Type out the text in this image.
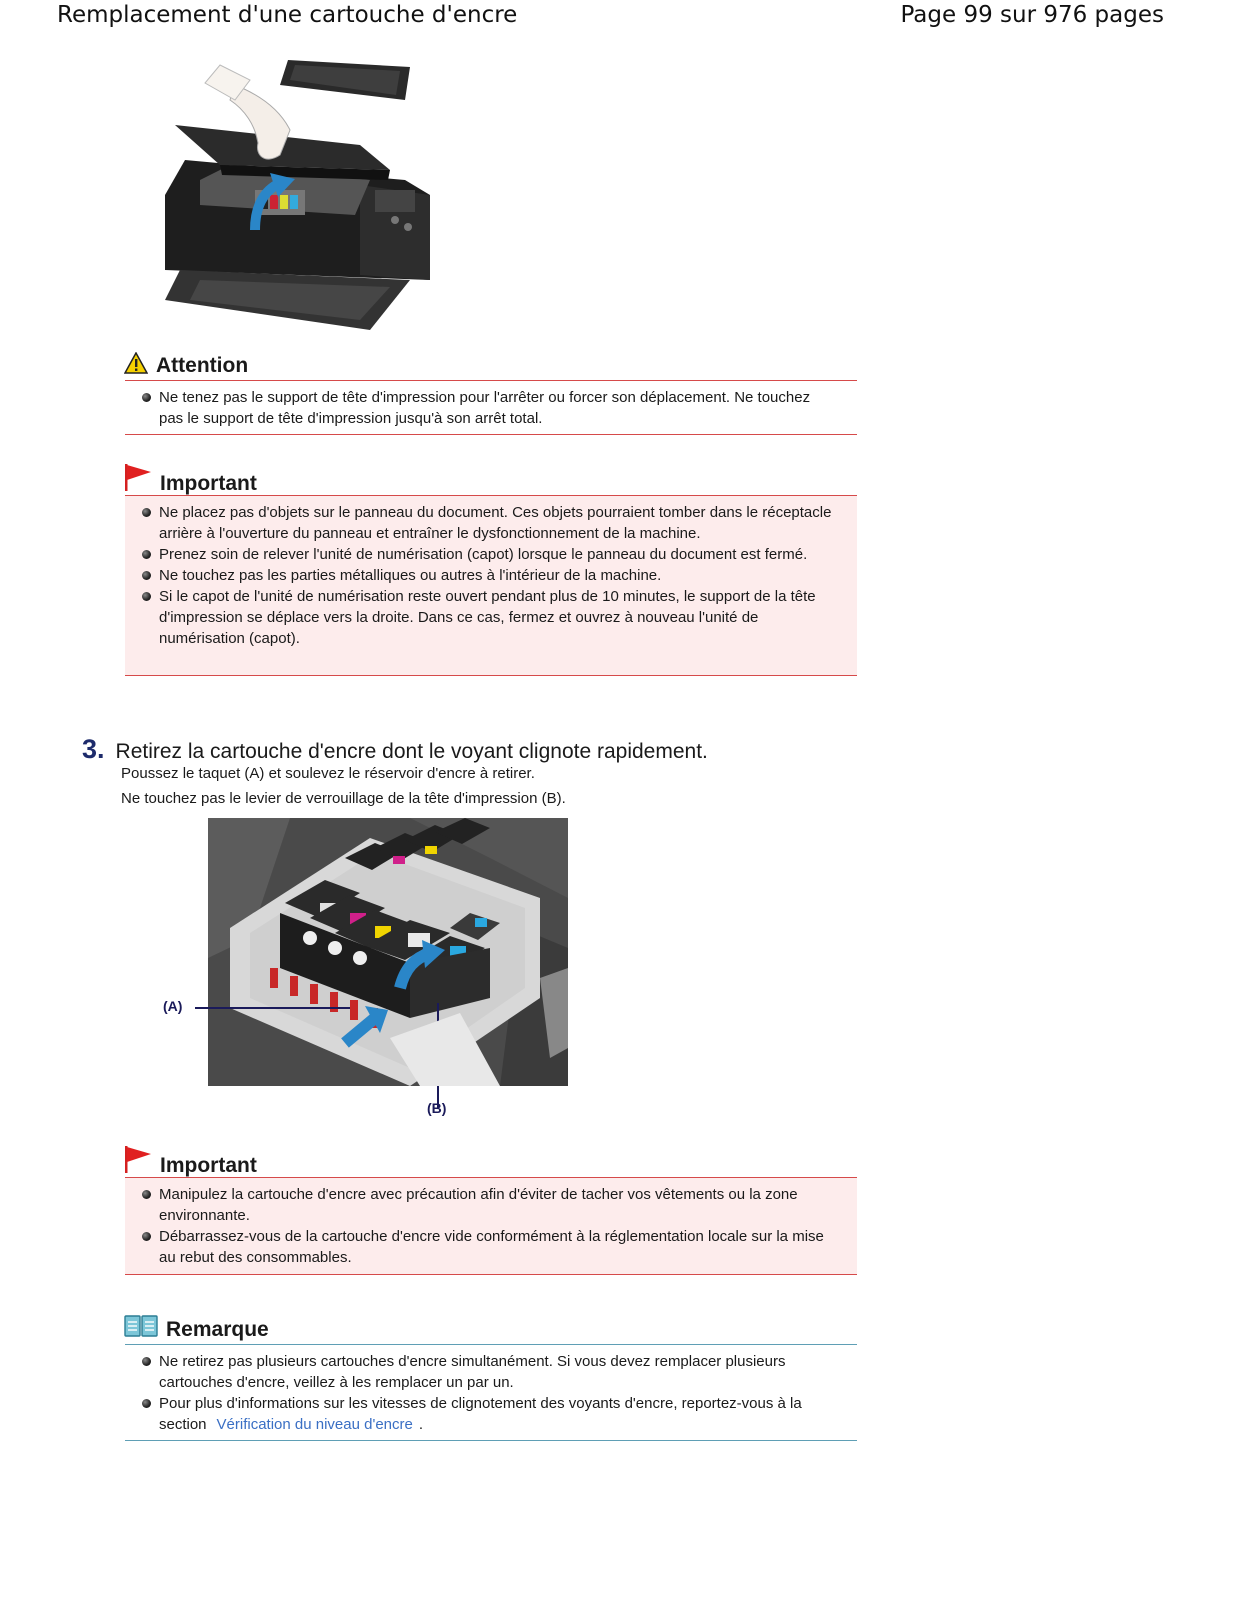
Remplacement d'une cartouche d'encre	Page 99 sur 976 pages
Attention
Ne tenez pas le support de tête d'impression pour l'arrêter ou forcer son déplacement. Ne touchez pas le support de tête d'impression jusqu'à son arrêt total.
Important
Ne placez pas d'objets sur le panneau du document. Ces objets pourraient tomber dans le réceptacle arrière à l'ouverture du panneau et entraîner le dysfonctionnement de la machine.
Prenez soin de relever l'unité de numérisation (capot) lorsque le panneau du document est fermé.
Ne touchez pas les parties métalliques ou autres à l'intérieur de la machine.
Si le capot de l'unité de numérisation reste ouvert pendant plus de 10 minutes, le support de la tête d'impression se déplace vers la droite. Dans ce cas, fermez et ouvrez à nouveau l'unité de numérisation (capot).
3. Retirez la cartouche d'encre dont le voyant clignote rapidement.
Poussez le taquet (A) et soulevez le réservoir d'encre à retirer.
Ne touchez pas le levier de verrouillage de la tête d'impression (B).
(A)
(B)
Important
Manipulez la cartouche d'encre avec précaution afin d'éviter de tacher vos vêtements ou la zone environnante.
Débarrassez-vous de la cartouche d'encre vide conformément à la réglementation locale sur la mise au rebut des consommables.
Remarque
Ne retirez pas plusieurs cartouches d'encre simultanément. Si vous devez remplacer plusieurs cartouches d'encre, veillez à les remplacer un par un.
Pour plus d'informations sur les vitesses de clignotement des voyants d'encre, reportez-vous à la section Vérification du niveau d'encre .
